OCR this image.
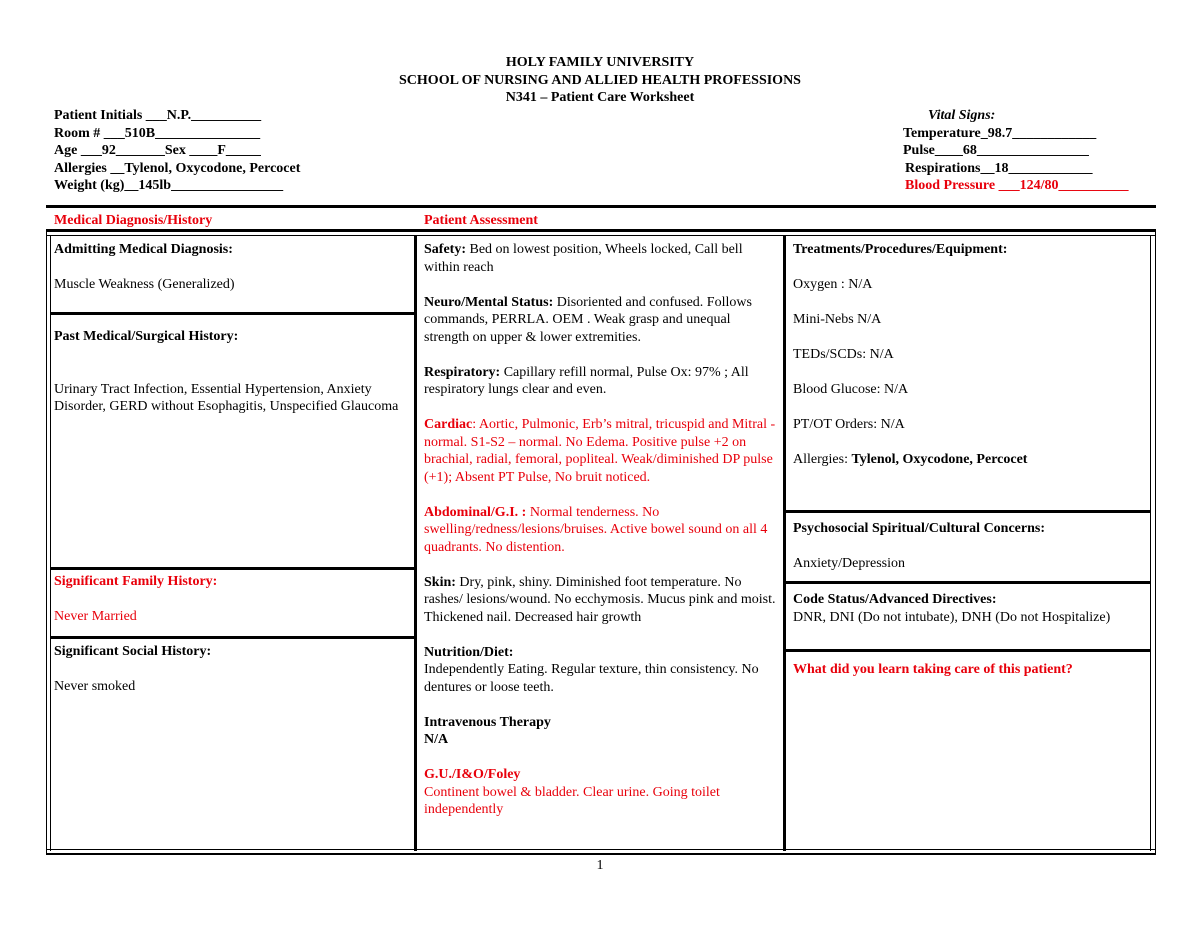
HOLY FAMILY UNIVERSITY
SCHOOL OF NURSING AND ALLIED HEALTH PROFESSIONS
N341 – Patient Care Worksheet
Patient Initials ___N.P.__________
Room # ___510B_______________
Age ___92_______Sex ____F_____
Allergies __Tylenol, Oxycodone, Percocet
Weight (kg)__145lb________________
Vital Signs:
Temperature_98.7____________
Pulse____68________________
Respirations__18____________
Blood Pressure ___124/80__________
Medical Diagnosis/History	Patient Assessment

Admitting Medical Diagnosis:

Muscle Weakness (Generalized)

Past Medical/Surgical History:

Urinary Tract Infection, Essential Hypertension, Anxiety Disorder, GERD without Esophagitis, Unspecified Glaucoma

Significant Family History:

Never Married

Significant Social History:

Never smoked

Safety: Bed on lowest position, Wheels locked, Call bell within reach

Neuro/Mental Status: Disoriented and confused. Follows commands, PERRLA. OEM . Weak grasp and unequal strength on upper & lower extremities.

Respiratory: Capillary refill normal, Pulse Ox: 97% ; All respiratory lungs clear and even.

Cardiac: Aortic, Pulmonic, Erb’s mitral, tricuspid and Mitral -normal. S1-S2 – normal. No Edema. Positive pulse +2 on brachial, radial, femoral, popliteal. Weak/diminished DP pulse (+1); Absent PT Pulse, No bruit noticed.

Abdominal/G.I. : Normal tenderness. No swelling/redness/lesions/bruises. Active bowel sound on all 4 quadrants. No distention.

Skin: Dry, pink, shiny. Diminished foot temperature. No rashes/ lesions/wound. No ecchymosis. Mucus pink and moist. Thickened nail. Decreased hair growth

Nutrition/Diet:

Independently Eating. Regular texture, thin consistency. No dentures or loose teeth.

Intravenous Therapy

N/A

G.U./I&O/Foley

Continent bowel & bladder. Clear urine. Going toilet independently

Treatments/Procedures/Equipment:

Oxygen : N/A

Mini-Nebs N/A

TEDs/SCDs: N/A

Blood Glucose: N/A

PT/OT Orders: N/A

Allergies: Tylenol, Oxycodone, Percocet

Psychosocial Spiritual/Cultural Concerns:

Anxiety/Depression

Code Status/Advanced Directives:

DNR, DNI (Do not intubate), DNH (Do not Hospitalize)

What did you learn taking care of this patient?

1
